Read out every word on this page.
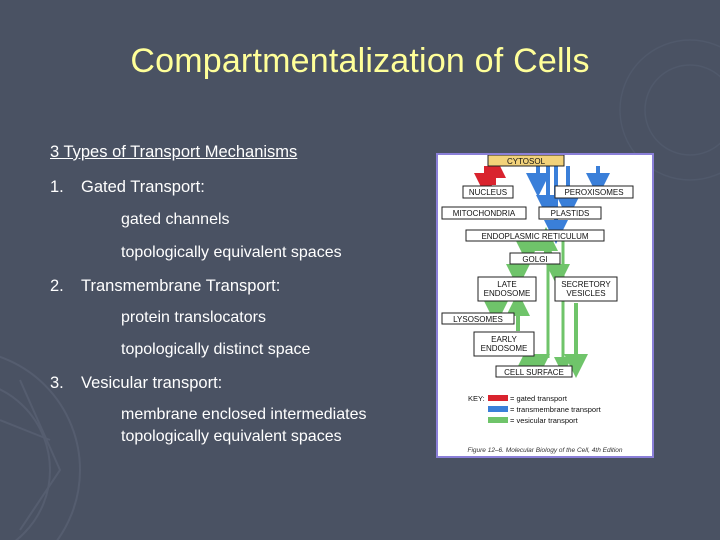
Compartmentalization of Cells
3 Types of Transport Mechanisms
1. Gated Transport:
gated channels
topologically equivalent spaces
2. Transmembrane Transport:
protein translocators
topologically distinct space
3. Vesicular transport:
membrane enclosed intermediates
topologically equivalent spaces
CYTOSOL
NUCLEUS	PEROXISOMES
MITOCHONDRIA	PLASTIDS
ENDOPLASMIC RETICULUM
GOLGI
LATE ENDOSOME
SECRETORY VESICLES
LYSOSOMES
EARLY ENDOSOME
CELL SURFACE
KEY:	= gated transport
= transmembrane transport
= vesicular transport
Figure 12–6. Molecular Biology of the Cell, 4th Edition
